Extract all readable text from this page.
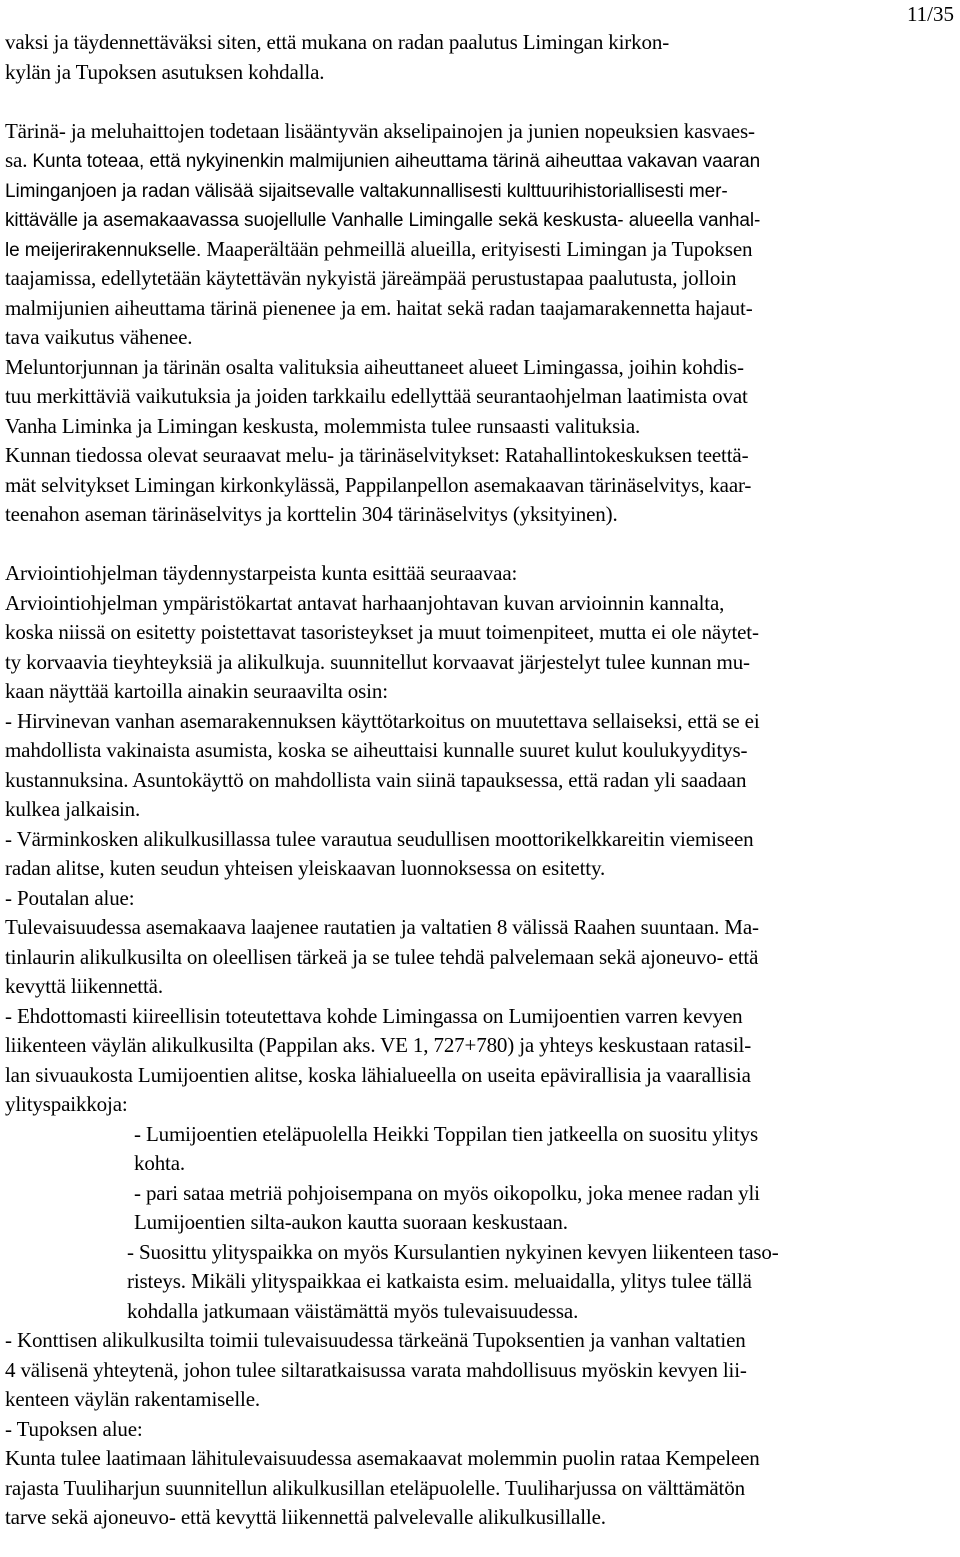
11/35
vaksi ja täydennettäväksi siten, että mukana on radan paalutus Limingan kirkon-
kylän ja Tupoksen asutuksen kohdalla.
Tärinä- ja meluhaittojen todetaan lisääntyvän akselipainojen ja junien nopeuksien kasvaes-
sa. Kunta toteaa, että nykyinenkin malmijunien aiheuttama tärinä aiheuttaa vakavan vaaran
Liminganjoen ja radan välisää sijaitsevalle valtakunnallisesti kulttuurihistoriallisesti mer-
kittävälle ja asemakaavassa suojellulle Vanhalle Limingalle sekä keskusta- alueella vanhal-
le meijerirakennukselle. Maaperältään pehmeillä alueilla, erityisesti Limingan ja Tupoksen
taajamissa, edellytetään käytettävän nykyistä järeämpää perustustapaa paalutusta, jolloin
malmijunien aiheuttama tärinä pienenee ja em. haitat sekä radan taajamarakennetta hajaut-
tava vaikutus vähenee.
Meluntorjunnan ja tärinän osalta valituksia aiheuttaneet alueet Limingassa, joihin kohdis-
tuu merkittäviä vaikutuksia ja joiden tarkkailu edellyttää seurantaohjelman laatimista ovat
Vanha Liminka ja Limingan keskusta, molemmista tulee runsaasti valituksia.
Kunnan tiedossa olevat seuraavat melu- ja tärinäselvitykset: Ratahallintokeskuksen teettä-
mät selvitykset Limingan kirkonkylässä, Pappilanpellon asemakaavan tärinäselvitys, kaar-
teenahon aseman tärinäselvitys ja korttelin 304 tärinäselvitys (yksityinen).
Arviointiohjelman täydennystarpeista kunta esittää seuraavaa:
Arviointiohjelman ympäristökartat antavat harhaanjohtavan kuvan arvioinnin kannalta,
koska niissä on esitetty poistettavat tasoristeykset ja muut toimenpiteet, mutta ei ole näytet-
ty korvaavia tieyhteyksiä ja alikulkuja. suunnitellut korvaavat järjestelyt tulee kunnan mu-
kaan näyttää kartoilla ainakin seuraavilta osin:
- Hirvinevan vanhan asemarakennuksen käyttötarkoitus on muutettava sellaiseksi, että se ei
mahdollista vakinaista asumista, koska se aiheuttaisi kunnalle suuret kulut koulukyyditys-
kustannuksina. Asuntokäyttö on mahdollista vain siinä tapauksessa, että radan yli saadaan
kulkea jalkaisin.
- Värminkosken alikulkusillassa tulee varautua seudullisen moottorikelkkareitin viemiseen
radan alitse, kuten seudun yhteisen yleiskaavan luonnoksessa on esitetty.
- Poutalan alue:
Tulevaisuudessa asemakaava laajenee rautatien ja valtatien 8 välissä Raahen suuntaan. Ma-
tinlaurin alikulkusilta on oleellisen tärkeä ja se tulee tehdä palvelemaan sekä ajoneuvo- että
kevyttä liikennettä.
- Ehdottomasti kiireellisin toteutettava kohde Limingassa on Lumijoentien varren kevyen
liikenteen väylän alikulkusilta (Pappilan aks. VE 1, 727+780) ja yhteys keskustaan ratasil-
lan sivuaukosta Lumijoentien alitse, koska lähialueella on useita epävirallisia ja vaarallisia
ylityspaikkoja:
- Lumijoentien eteläpuolella Heikki Toppilan tien jatkeella on suositu ylitys
kohta.
- pari sataa metriä pohjoisempana on myös oikopolku, joka menee radan yli
Lumijoentien silta-aukon kautta suoraan keskustaan.
- Suosittu ylityspaikka on myös Kursulantien nykyinen kevyen liikenteen taso-
risteys. Mikäli ylityspaikkaa ei katkaista esim. meluaidalla, ylitys tulee tällä
kohdalla jatkumaan väistämättä myös tulevaisuudessa.
- Konttisen alikulkusilta toimii tulevaisuudessa tärkeänä Tupoksentien ja vanhan valtatien
4 välisenä yhteytenä, johon tulee siltaratkaisussa varata mahdollisuus myöskin kevyen lii-
kenteen väylän rakentamiselle.
- Tupoksen alue:
Kunta tulee laatimaan lähitulevaisuudessa asemakaavat molemmin puolin rataa Kempeleen
rajasta Tuuliharjun suunnitellun alikulkusillan eteläpuolelle. Tuuliharjussa on välttämätön
tarve sekä ajoneuvo- että kevyttä liikennettä palvelevalle alikulkusillalle.
